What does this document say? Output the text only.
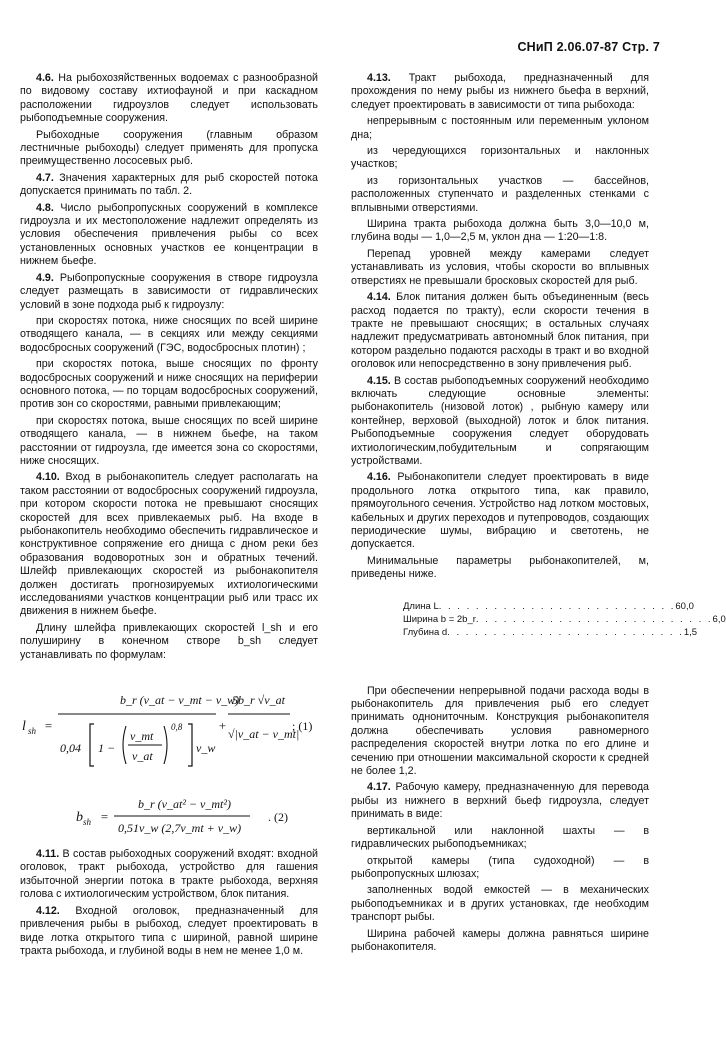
СНиП 2.06.07-87 Стр. 7

4.6. На рыбохозяйственных водоемах с разнообразной по видовому составу ихтиофауной и при каскадном расположении гидроузлов следует использовать рыбоподъемные сооружения.

Рыбоходные сооружения (главным образом лестничные рыбоходы) следует применять для пропуска преимущественно лососевых рыб.

4.7. Значения характерных для рыб скоростей потока допускается принимать по табл. 2.

4.8. Число рыбопропускных сооружений в комплексе гидроузла и их местоположение надлежит определять из условия обеспечения привлечения рыбы со всех установленных основных участков ее концентрации в нижнем бьефе.

4.9. Рыбопропускные сооружения в створе гидроузла следует размещать в зависимости от гидравлических условий в зоне подхода рыб к гидроузлу:

при скоростях потока, ниже сносящих по всей ширине отводящего канала, — в секциях или между секциями водосбросных сооружений (ГЭС, водосбросных плотин) ;

при скоростях потока, выше сносящих по фронту водосбросных сооружений и ниже сносящих на периферии основного потока, — по торцам водосбросных сооружений, против зон со скоростями, равными привлекающим;

при скоростях потока, выше сносящих по всей ширине отводящего канала, — в нижнем бьефе, на таком расстоянии от гидроузла, где имеется зона со скоростями, ниже сносящих.

4.10. Вход в рыбонакопитель следует располагать на таком расстоянии от водосбросных сооружений гидроузла, при котором скорости потока не превышают сносящих скоростей для всех привлекаемых рыб. На входе в рыбонакопитель необходимо обеспечить гидравлическое и конструктивное сопряжение его днища с дном реки без образования водоворотных зон и обратных течений. Шлейф привлекающих скоростей из рыбонакопителя должен достигать прогнозируемых ихтиологическими исследованиями участков концентрации рыб или трасс их движения в нижнем бьефе.

Длину шлейфа привлекающих скоростей l_sh и его полуширину в конечном створе b_sh следует устанавливать по формулам:

l sh =
b_r (v_at − v_mt − v_w)
0,04 1 −
v_mt
v_at
0,8
v_w
+
5b_r √v_at
√|v_at − v_mt|
; (1)
b sh =
b_r (v_at² − v_mt²)
0,51v_w (2,7v_mt + v_w)
. (2)

4.11. В состав рыбоходных сооружений входят: входной оголовок, тракт рыбохода, устройство для гашения избыточной энергии потока в тракте рыбохода, верхняя голова с ихтиологическим устройством, блок питания.

4.12. Входной оголовок, предназначенный для привлечения рыбы в рыбоход, следует проектировать в виде лотка открытого типа с шириной, равной ширине тракта рыбохода, и глубиной воды в нем не менее 1,0 м.

4.13. Тракт рыбохода, предназначенный для прохождения по нему рыбы из нижнего бьефа в верхний, следует проектировать в зависимости от типа рыбохода:

непрерывным с постоянным или переменным уклоном дна;

из чередующихся горизонтальных и наклонных участков;

из горизонтальных участков — бассейнов, расположенных ступенчато и разделенных стенками с вплывными отверстиями.

Ширина тракта рыбохода должна быть 3,0—10,0 м, глубина воды — 1,0—2,5 м, уклон дна — 1:20—1:8.

Перепад уровней между камерами следует устанавливать из условия, чтобы скорости во вплывных отверстиях не превышали бросковых скоростей для рыб.

4.14. Блок питания должен быть объединенным (весь расход подается по тракту), если скорости течения в тракте не превышают сносящих; в остальных случаях надлежит предусматривать автономный блок питания, при котором раздельно подаются расходы в тракт и во входной оголовок или непосредственно в зону привлечения рыб.

4.15. В состав рыбоподъемных сооружений необходимо включать следующие основные элементы: рыбонакопитель (низовой лоток) , рыбную камеру или контейнер, верховой (выходной) лоток и блок питания. Рыбоподъемные сооружения следует оборудовать ихтиологическим,побудительным и сопрягающим устройствами.

4.16. Рыбонакопители следует проектировать в виде продольного лотка открытого типа, как правило, прямоугольного сечения. Устройство над лотком мостовых, кабельных и других переходов и путепроводов, создающих периодические шумы, вибрацию и светотень, не допускается.

Минимальные параметры рыбонакопителей, м, приведены ниже.

Длина L . . . . . . . . . . . . . . . . . . . . . . . . . . 60,0
Ширина b = 2b_r . . . . . . . . . . . . . . . . . . . . . . . . . . 6,0
Глубина d . . . . . . . . . . . . . . . . . . . . . . . . . . 1,5

При обеспечении непрерывной подачи расхода воды в рыбонакопитель для привлечения рыб его следует принимать однониточным. Конструкция рыбонакопителя должна обеспечивать условия равномерного распределения скоростей внутри лотка по его длине и сечению при отношении максимальной скорости к средней не более 1,2.

4.17. Рабочую камеру, предназначенную для перевода рыбы из нижнего в верхний бьеф гидроузла, следует принимать в виде:

вертикальной или наклонной шахты — в гидравлических рыбоподъемниках;

открытой камеры (типа судоходной) — в рыбопропускных шлюзах;

заполненных водой емкостей — в механических рыбоподъемниках и в других установках, где необходим транспорт рыбы.

Ширина рабочей камеры должна равняться ширине рыбонакопителя.
